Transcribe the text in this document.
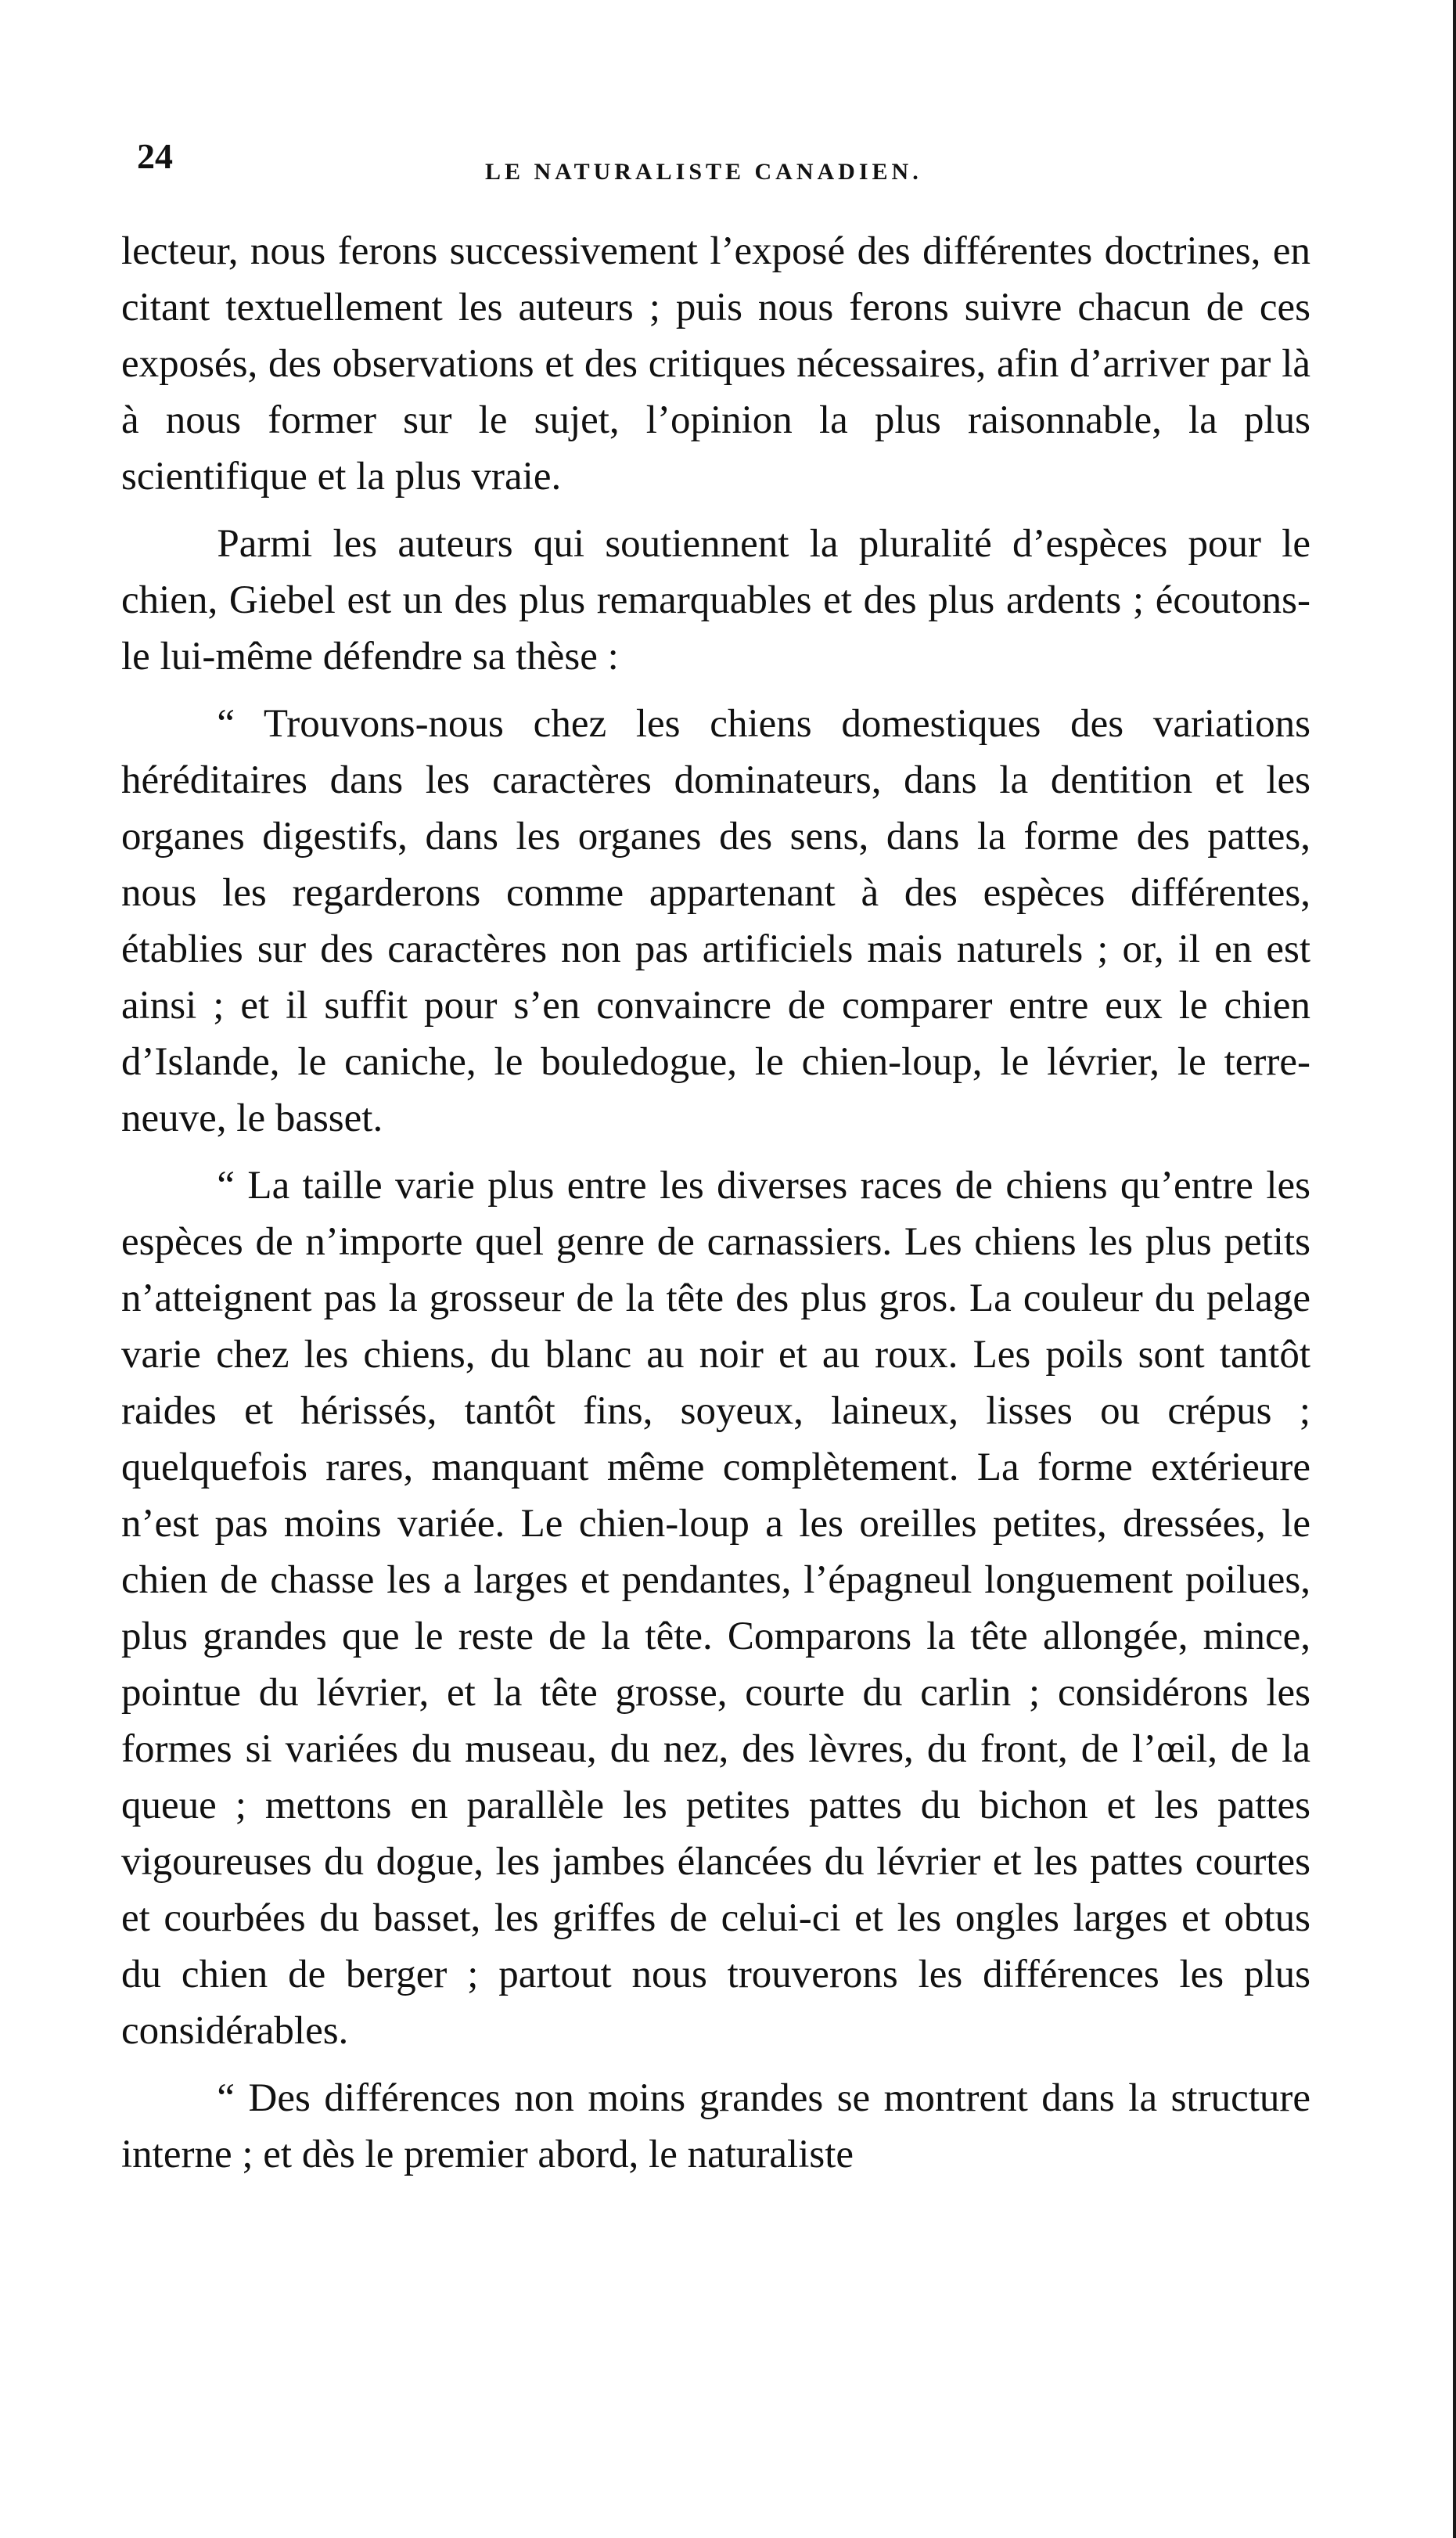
24	LE NATURALISTE CANADIEN.

lecteur, nous ferons successivement l’exposé des différentes doctrines, en citant textuellement les auteurs ; puis nous ferons suivre chacun de ces exposés, des observations et des critiques nécessaires, afin d’arriver par là à nous former sur le sujet, l’opinion la plus raisonnable, la plus scientifique et la plus vraie.

Parmi les auteurs qui soutiennent la pluralité d’espèces pour le chien, Giebel est un des plus remarquables et des plus ardents ; écoutons-le lui-même défendre sa thèse :

“ Trouvons-nous chez les chiens domestiques des variations héréditaires dans les caractères dominateurs, dans la dentition et les organes digestifs, dans les organes des sens, dans la forme des pattes, nous les regarderons comme appartenant à des espèces différentes, établies sur des caractères non pas artificiels mais naturels ; or, il en est ainsi ; et il suffit pour s’en convaincre de comparer entre eux le chien d’Islande, le caniche, le bouledogue, le chien-loup, le lévrier, le terre-neuve, le basset.

“ La taille varie plus entre les diverses races de chiens qu’entre les espèces de n’importe quel genre de carnassiers. Les chiens les plus petits n’atteignent pas la grosseur de la tête des plus gros. La couleur du pelage varie chez les chiens, du blanc au noir et au roux. Les poils sont tantôt raides et hérissés, tantôt fins, soyeux, laineux, lisses ou crépus ; quelquefois rares, manquant même complètement. La forme extérieure n’est pas moins variée. Le chien-loup a les oreilles petites, dressées, le chien de chasse les a larges et pendantes, l’épagneul longuement poilues, plus grandes que le reste de la tête. Comparons la tête allongée, mince, pointue du lévrier, et la tête grosse, courte du carlin ; considérons les formes si variées du museau, du nez, des lèvres, du front, de l’œil, de la queue ; mettons en parallèle les petites pattes du bichon et les pattes vigoureuses du dogue, les jambes élancées du lévrier et les pattes courtes et courbées du basset, les griffes de celui-ci et les ongles larges et obtus du chien de berger ; partout nous trouverons les différences les plus considérables.

“ Des différences non moins grandes se montrent dans la structure interne ; et dès le premier abord, le naturaliste
